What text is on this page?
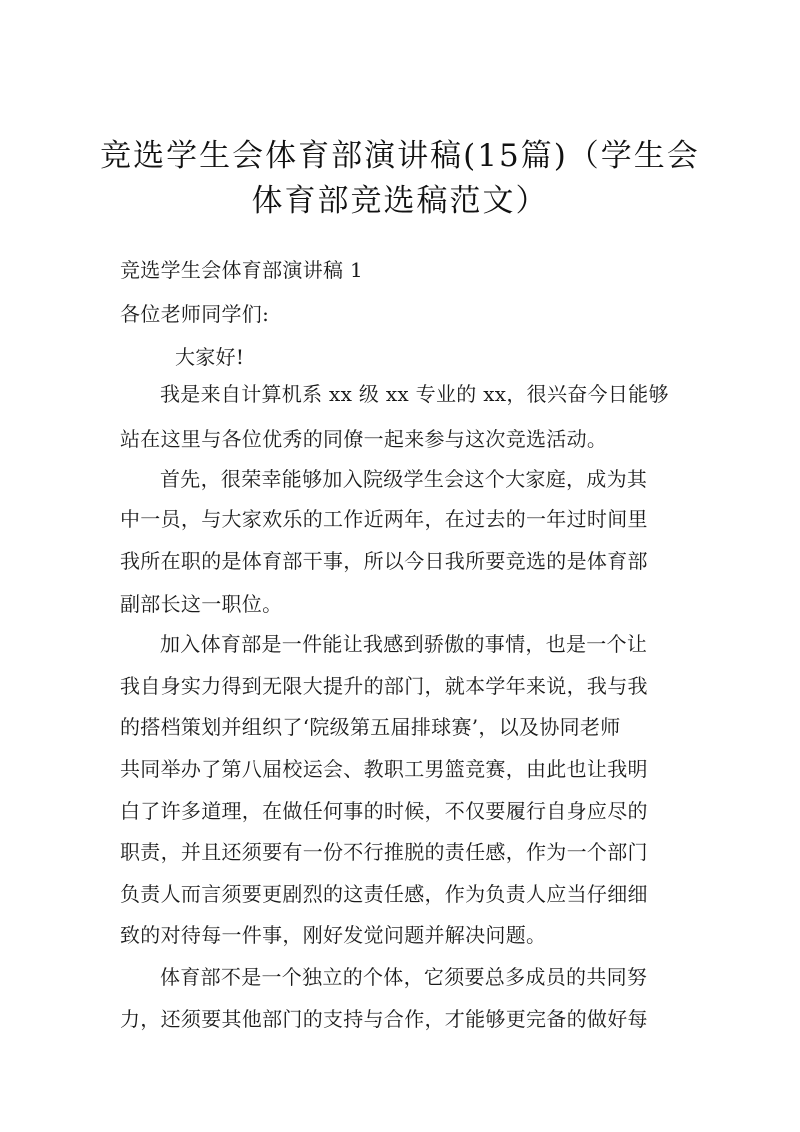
竞选学生会体育部演讲稿(15篇)（学生会
体育部竞选稿范文）
竞选学生会体育部演讲稿 1
各位老师同学们:
大家好!
我是来自计算机系 xx 级 xx 专业的 xx，很兴奋今日能够
站在这里与各位优秀的同僚一起来参与这次竞选活动。
首先，很荣幸能够加入院级学生会这个大家庭，成为其
中一员，与大家欢乐的工作近两年，在过去的一年过时间里
我所在职的是体育部干事，所以今日我所要竞选的是体育部
副部长这一职位。
加入体育部是一件能让我感到骄傲的事情，也是一个让
我自身实力得到无限大提升的部门，就本学年来说，我与我
的搭档策划并组织了‘院级第五届排球赛’，以及协同老师
共同举办了第八届校运会、教职工男篮竞赛，由此也让我明
白了许多道理，在做任何事的时候，不仅要履行自身应尽的
职责，并且还须要有一份不行推脱的责任感，作为一个部门
负责人而言须要更剧烈的这责任感，作为负责人应当仔细细
致的对待每一件事，刚好发觉问题并解决问题。
体育部不是一个独立的个体，它须要总多成员的共同努
力，还须要其他部门的支持与合作，才能够更完备的做好每
